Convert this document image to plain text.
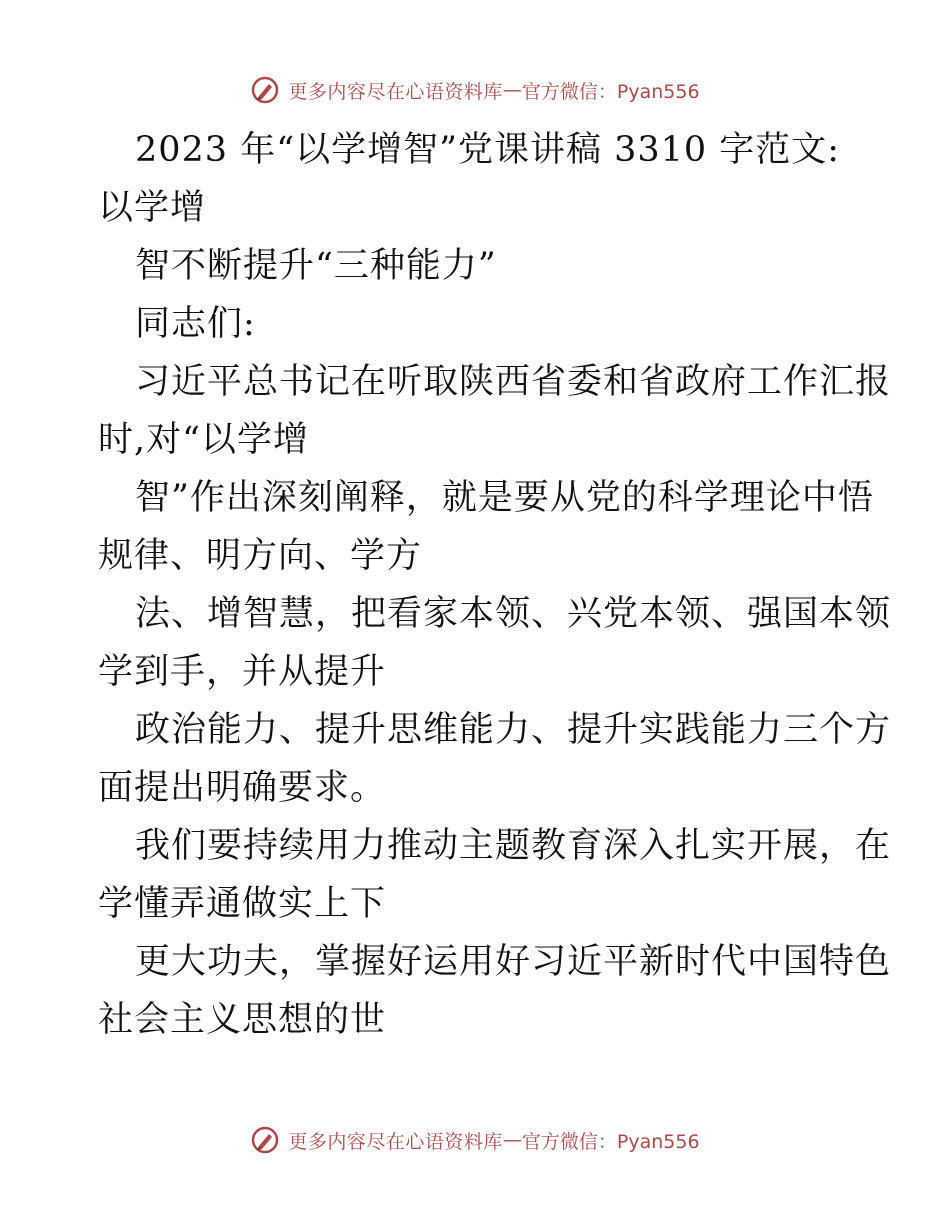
更多内容尽在心语资料库 — 官方微信：Pyan556
2023 年“以学增智”党课讲稿 3310 字范文:
以学增
智不断提升“三种能力”
同志们:
习近平总书记在听取陕西省委和省政府工作汇报
时,对“以学增
智”作出深刻阐释，就是要从党的科学理论中悟
规律、明方向、学方
法、增智慧，把看家本领、兴党本领、强国本领
学到手，并从提升
政治能力、提升思维能力、提升实践能力三个方
面提出明确要求。
我们要持续用力推动主题教育深入扎实开展，在
学懂弄通做实上下
更大功夫，掌握好运用好习近平新时代中国特色
社会主义思想的世
更多内容尽在心语资料库 — 官方微信：Pyan556
